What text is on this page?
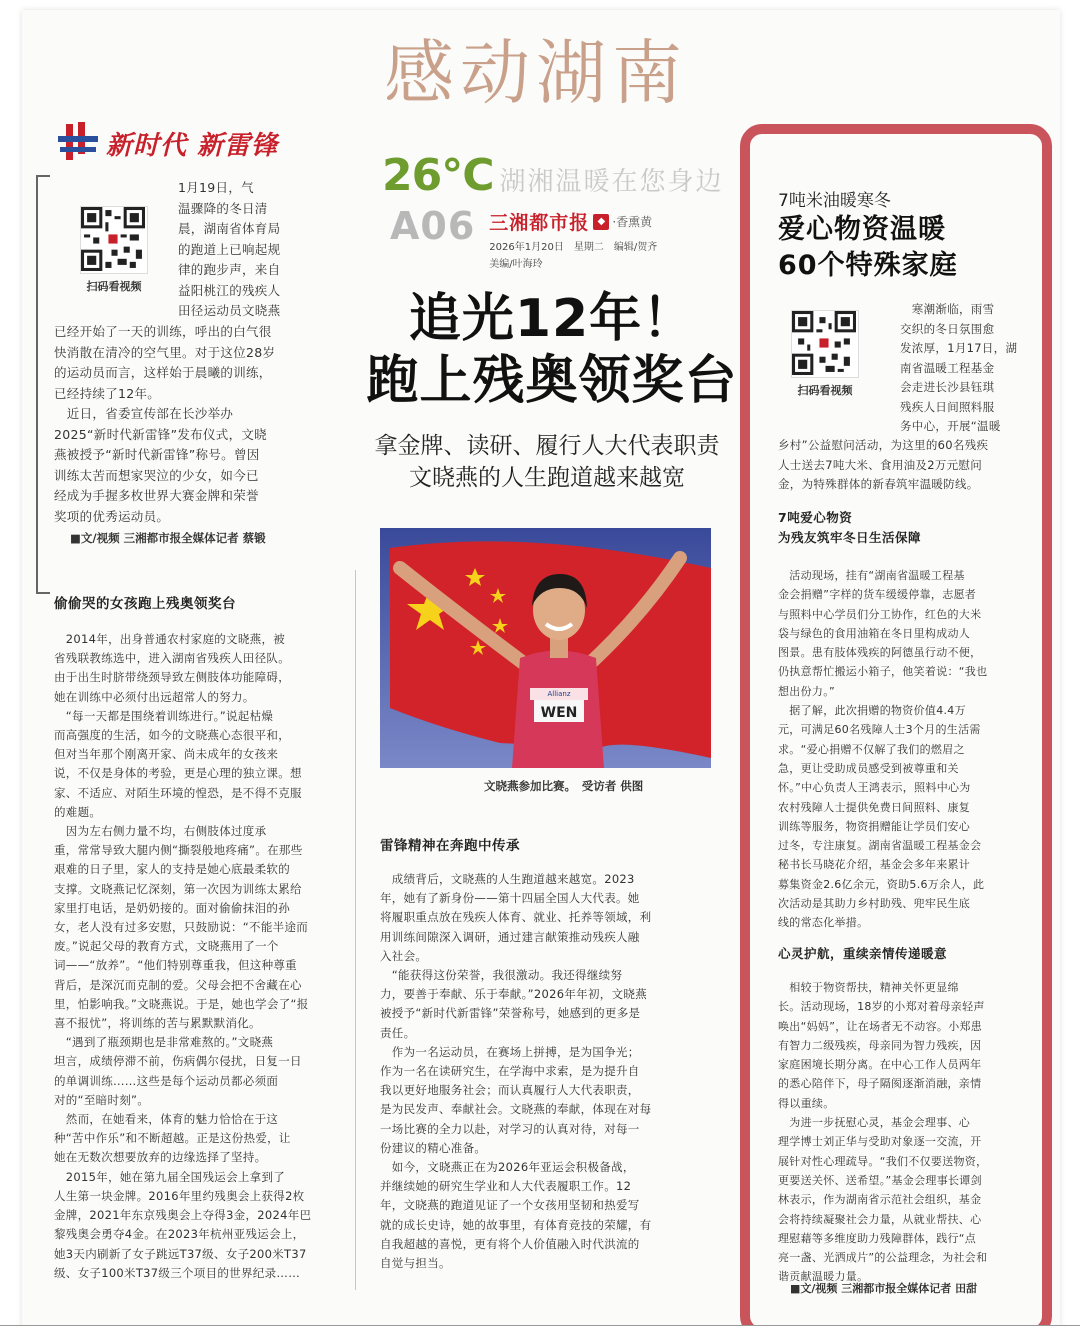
新时代 新雷锋
扫码看视频
1月19日，气
温骤降的冬日清
晨，湖南省体育局
的跑道上已响起规
律的跑步声，来自
益阳桃江的残疾人
田径运动员文晓燕
已经开始了一天的训练，呼出的白气很
快消散在清冷的空气里。对于这位28岁
的运动员而言，这样始于晨曦的训练，
已经持续了12年。
　近日，省委宣传部在长沙举办
2025“新时代新雷锋”发布仪式，文晓
燕被授予“新时代新雷锋”称号。曾因
训练太苦而想家哭泣的少女，如今已
经成为手握多枚世界大赛金牌和荣誉
奖项的优秀运动员。
■文/视频 三湘都市报全媒体记者 蔡锻
偷偷哭的女孩跑上残奥领奖台
　2014年，出身普通农村家庭的文晓燕，被
省残联教练选中，进入湖南省残疾人田径队。
由于出生时脐带绕颈导致左侧肢体功能障碍，
她在训练中必须付出远超常人的努力。
　“每一天都是围绕着训练进行。”说起枯燥
而高强度的生活，如今的文晓燕心态很平和，
但对当年那个刚离开家、尚未成年的女孩来
说，不仅是身体的考验，更是心理的独立课。想
家、不适应、对陌生环境的惶恐，是不得不克服
的难题。
　因为左右侧力量不均，右侧肢体过度承
重，常常导致大腿内侧“撕裂般地疼痛”。在那些
艰难的日子里，家人的支持是她心底最柔软的
支撑。文晓燕记忆深刻，第一次因为训练太累给
家里打电话，是奶奶接的。面对偷偷抹泪的孙
女，老人没有过多安慰，只鼓励说：“不能半途而
废。”说起父母的教育方式，文晓燕用了一个
词——“放养”。“他们特别尊重我，但这种尊重
背后，是深沉而克制的爱。父母会把不舍藏在心
里，怕影响我。”文晓燕说。于是，她也学会了“报
喜不报忧”，将训练的苦与累默默消化。
　“遇到了瓶颈期也是非常难熬的。”文晓燕
坦言，成绩停滞不前，伤病偶尔侵扰，日复一日
的单调训练……这些是每个运动员都必须面
对的“至暗时刻”。
　然而，在她看来，体育的魅力恰恰在于这
种“苦中作乐”和不断超越。正是这份热爱，让
她在无数次想要放弃的边缘选择了坚持。
　2015年，她在第九届全国残运会上拿到了
人生第一块金牌。2016年里约残奥会上获得2枚
金牌，2021年东京残奥会上夺得3金，2024年巴
黎残奥会勇夺4金。在2023年杭州亚残运会上，
她3天内刷新了女子跳远T37级、女子200米T37
级、女子100米T37级三个项目的世界纪录……
感动湖南
26°C 湖湘温暖在您身边
A06 三湘都市报 ◆ ·香熏黄
2026年1月20日　星期二　编辑/贺齐
美编/叶海玲
追光12年！
跑上残奥领奖台
拿金牌、读研、履行人大代表职责
文晓燕的人生跑道越来越宽
Allianz
WEN
文晓燕参加比赛。　受访者 供图
雷锋精神在奔跑中传承
　成绩背后，文晓燕的人生跑道越来越宽。2023
年，她有了新身份——第十四届全国人大代表。她
将履职重点放在残疾人体育、就业、托养等领域，利
用训练间隙深入调研，通过建言献策推动残疾人融
入社会。
　“能获得这份荣誉，我很激动。我还得继续努
力，要善于奉献、乐于奉献。”2026年年初，文晓燕
被授予“新时代新雷锋”荣誉称号，她感到的更多是
责任。
　作为一名运动员，在赛场上拼搏，是为国争光；
作为一名在读研究生，在学海中求索，是为提升自
我以更好地服务社会；而认真履行人大代表职责，
是为民发声、奉献社会。文晓燕的奉献，体现在对每
一场比赛的全力以赴，对学习的认真对待，对每一
份建议的精心准备。
　如今，文晓燕正在为2026年亚运会积极备战，
并继续她的研究生学业和人大代表履职工作。12
年，文晓燕的跑道见证了一个女孩用坚韧和热爱写
就的成长史诗，她的故事里，有体育竞技的荣耀，有
自我超越的喜悦，更有将个人价值融入时代洪流的
自觉与担当。
7吨米油暖寒冬
爱心物资温暖
60个特殊家庭
扫码看视频
　寒潮渐临，雨雪
交织的冬日氛围愈
发浓厚，1月17日，湖
南省温暖工程基金
会走进长沙县钰琪
残疾人日间照料服
务中心，开展“温暖
乡村”公益慰问活动，为这里的60名残疾
人士送去7吨大米、食用油及2万元慰问
金，为特殊群体的新春筑牢温暖防线。
7吨爱心物资
为残友筑牢冬日生活保障
　活动现场，挂有“湖南省温暖工程基
金会捐赠”字样的货车缓缓停靠，志愿者
与照料中心学员们分工协作，红色的大米
袋与绿色的食用油箱在冬日里构成动人
图景。患有肢体残疾的阿德虽行动不便，
仍执意帮忙搬运小箱子，他笑着说：“我也
想出份力。”
　据了解，此次捐赠的物资价值4.4万
元，可满足60名残障人士3个月的生活需
求。“爱心捐赠不仅解了我们的燃眉之
急，更让受助成员感受到被尊重和关
怀。”中心负责人王鸿表示，照料中心为
农村残障人士提供免费日间照料、康复
训练等服务，物资捐赠能让学员们安心
过冬，专注康复。湖南省温暖工程基金会
秘书长马晓花介绍，基金会多年来累计
募集资金2.6亿余元，资助5.6万余人，此
次活动是其助力乡村助残、兜牢民生底
线的常态化举措。
心灵护航，重续亲情传递暖意
　相较于物资帮扶，精神关怀更显绵
长。活动现场，18岁的小郑对着母亲轻声
唤出“妈妈”，让在场者无不动容。小郑患
有智力二级残疾，母亲同为智力残疾，因
家庭困境长期分离。在中心工作人员两年
的悉心陪伴下，母子隔阂逐渐消融，亲情
得以重续。
　为进一步抚慰心灵，基金会理事、心
理学博士刘正华与受助对象逐一交流，开
展针对性心理疏导。“我们不仅要送物资，
更要送关怀、送希望。”基金会理事长谭剑
林表示，作为湖南省示范社会组织，基金
会将持续凝聚社会力量，从就业帮扶、心
理慰藉等多维度助力残障群体，践行“点
亮一盏、光洒成片”的公益理念，为社会和
谐贡献温暖力量。
■文/视频 三湘都市报全媒体记者 田甜
